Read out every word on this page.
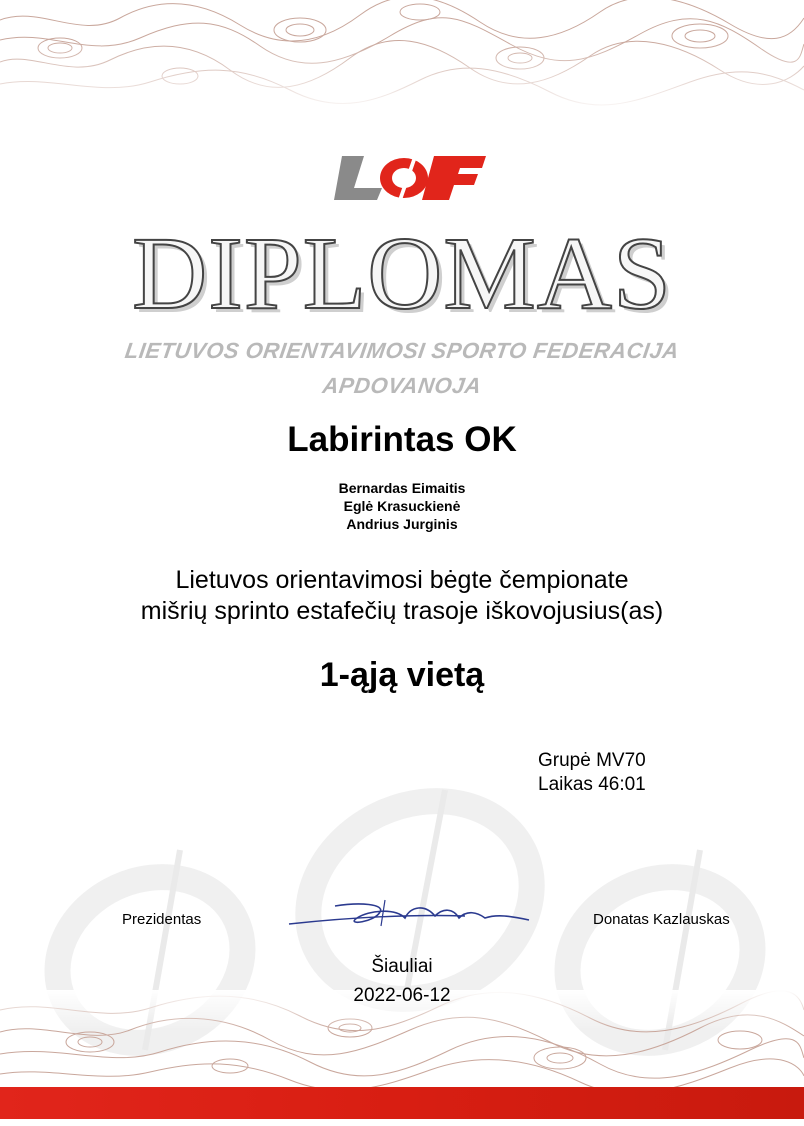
DIPLOMAS
LIETUVOS ORIENTAVIMOSI SPORTO FEDERACIJA
APDOVANOJA
Labirintas OK
Bernardas Eimaitis
Eglė Krasuckienė
Andrius Jurginis
Lietuvos orientavimosi bėgte čempionate
mišrių sprinto estafečių trasoje iškovojusius(as)
1-ąją vietą
Grupė MV70
Laikas 46:01
Prezidentas	Donatas Kazlauskas
Šiauliai
2022-06-12
